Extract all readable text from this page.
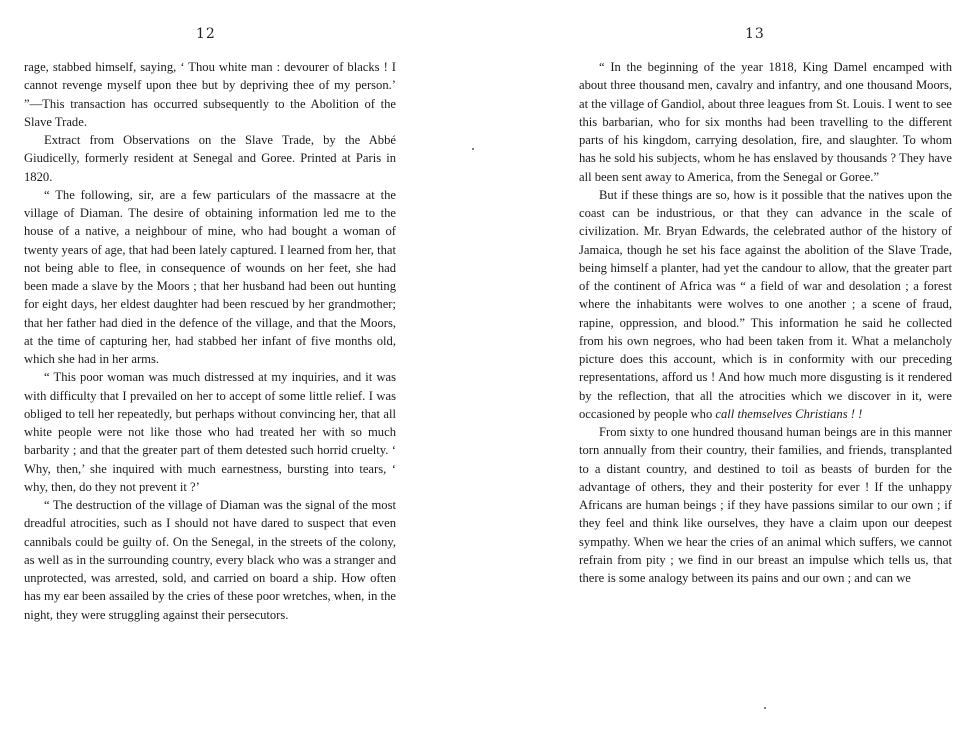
12	13

rage, stabbed himself, saying, ‘ Thou white man : devourer of blacks ! I cannot revenge myself upon thee but by depriving thee of my person.’ ”—This transaction has occurred subsequently to the Abolition of the Slave Trade.

Extract from Observations on the Slave Trade, by the Abbé Giudicelly, formerly resident at Senegal and Goree. Printed at Paris in 1820.

“ The following, sir, are a few particulars of the massacre at the village of Diaman. The desire of obtaining information led me to the house of a native, a neighbour of mine, who had bought a woman of twenty years of age, that had been lately captured. I learned from her, that not being able to flee, in consequence of wounds on her feet, she had been made a slave by the Moors ; that her husband had been out hunting for eight days, her eldest daughter had been rescued by her grandmother; that her father had died in the defence of the village, and that the Moors, at the time of capturing her, had stabbed her infant of five months old, which she had in her arms.

“ This poor woman was much distressed at my inquiries, and it was with difficulty that I prevailed on her to accept of some little relief. I was obliged to tell her repeatedly, but perhaps without convincing her, that all white people were not like those who had treated her with so much barbarity ; and that the greater part of them detested such horrid cruelty. ‘ Why, then,’ she inquired with much earnestness, bursting into tears, ‘ why, then, do they not prevent it ?’

“ The destruction of the village of Diaman was the signal of the most dreadful atrocities, such as I should not have dared to suspect that even cannibals could be guilty of. On the Senegal, in the streets of the colony, as well as in the surrounding country, every black who was a stranger and unprotected, was arrested, sold, and carried on board a ship. How often has my ear been assailed by the cries of these poor wretches, when, in the night, they were struggling against their persecutors.

“ In the beginning of the year 1818, King Damel encamped with about three thousand men, cavalry and infantry, and one thousand Moors, at the village of Gandiol, about three leagues from St. Louis. I went to see this barbarian, who for six months had been travelling to the different parts of his kingdom, carrying desolation, fire, and slaughter. To whom has he sold his subjects, whom he has enslaved by thousands ? They have all been sent away to America, from the Senegal or Goree.”

But if these things are so, how is it possible that the natives upon the coast can be industrious, or that they can advance in the scale of civilization. Mr. Bryan Edwards, the celebrated author of the history of Jamaica, though he set his face against the abolition of the Slave Trade, being himself a planter, had yet the candour to allow, that the greater part of the continent of Africa was “ a field of war and desolation ; a forest where the inhabitants were wolves to one another ; a scene of fraud, rapine, oppression, and blood.” This information he said he collected from his own negroes, who had been taken from it. What a melancholy picture does this account, which is in conformity with our preceding representations, afford us ! And how much more disgusting is it rendered by the reflection, that all the atrocities which we discover in it, were occasioned by people who call themselves Christians ! !

From sixty to one hundred thousand human beings are in this manner torn annually from their country, their families, and friends, transplanted to a distant country, and destined to toil as beasts of burden for the advantage of others, they and their posterity for ever ! If the unhappy Africans are human beings ; if they have passions similar to our own ; if they feel and think like ourselves, they have a claim upon our deepest sympathy. When we hear the cries of an animal which suffers, we cannot refrain from pity ; we find in our breast an impulse which tells us, that there is some analogy between its pains and our own ; and can we
